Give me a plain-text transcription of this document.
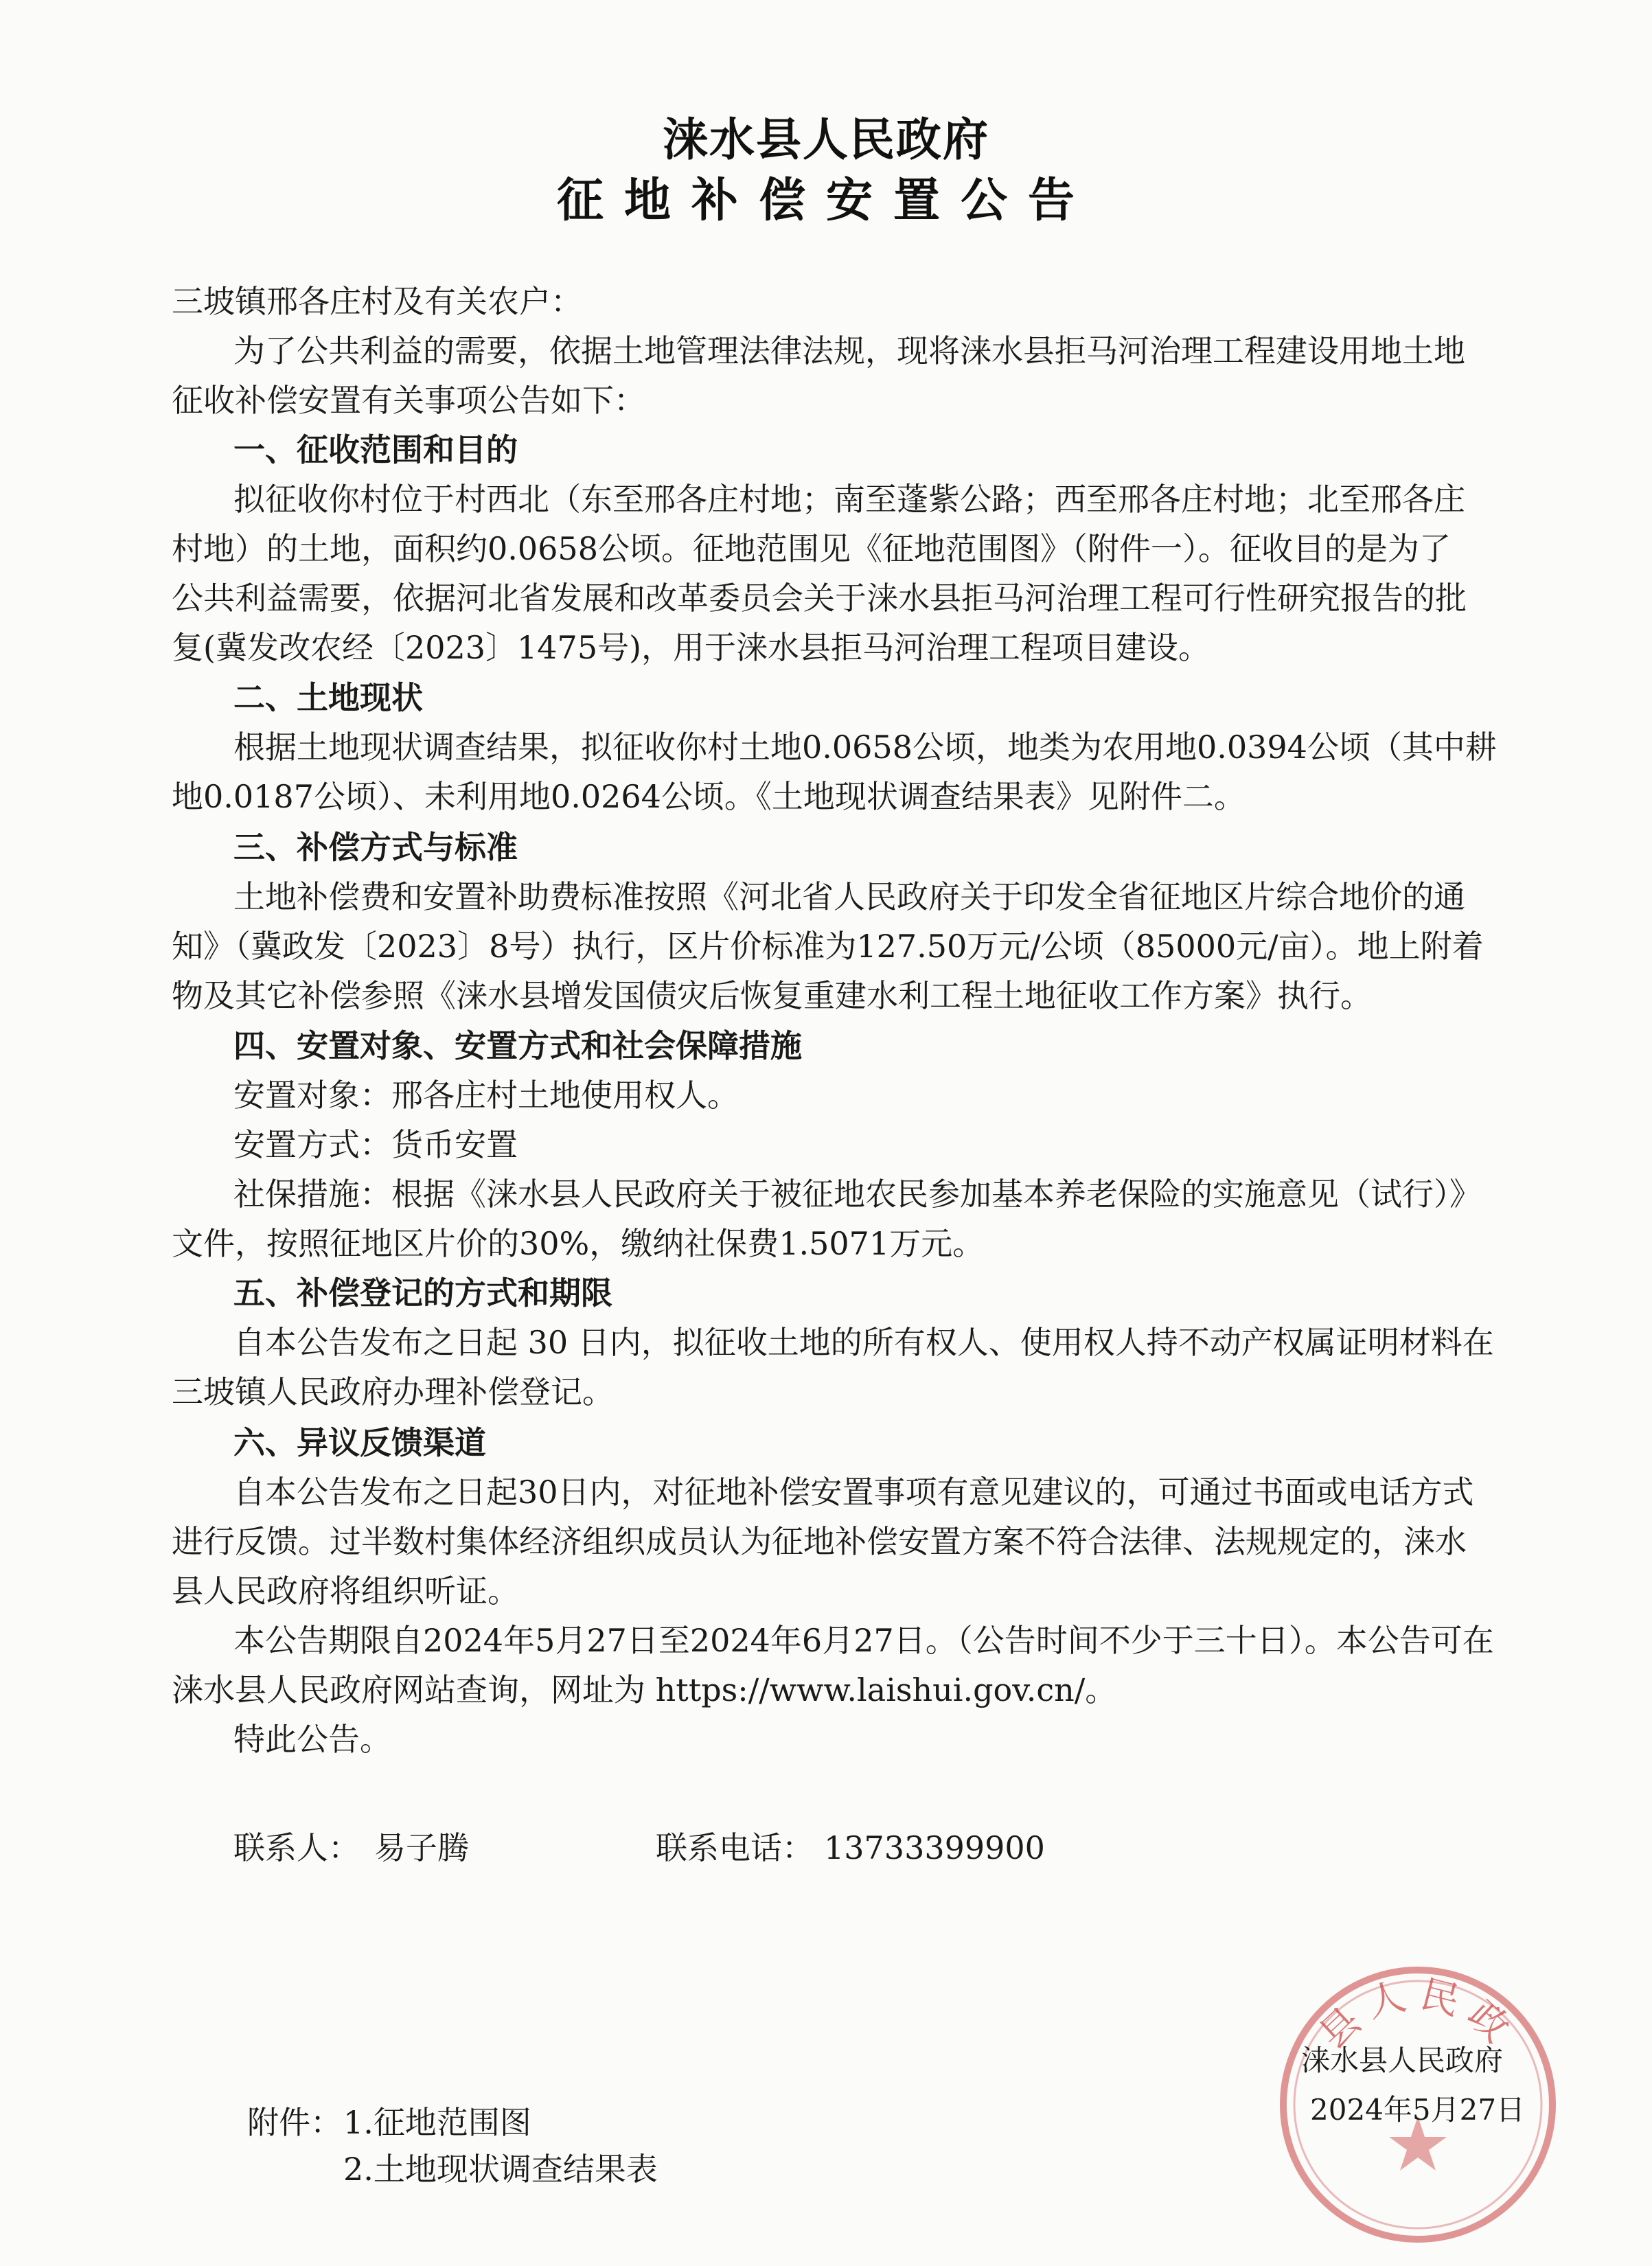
涞水县人民政府
征地补偿安置公告
三坡镇邢各庄村及有关农户：
为了公共利益的需要，依据土地管理法律法规，现将涞水县拒马河治理工程建设用地土地
征收补偿安置有关事项公告如下：
一、征收范围和目的
拟征收你村位于村西北（东至邢各庄村地；南至蓬紫公路；西至邢各庄村地；北至邢各庄
村地）的土地，面积约0.0658公顷。征地范围见《征地范围图》（附件一）。征收目的是为了
公共利益需要，依据河北省发展和改革委员会关于涞水县拒马河治理工程可行性研究报告的批
复(冀发改农经〔2023〕1475号)，用于涞水县拒马河治理工程项目建设。
二、土地现状
根据土地现状调查结果，拟征收你村土地0.0658公顷，地类为农用地0.0394公顷（其中耕
地0.0187公顷）、未利用地0.0264公顷。《土地现状调查结果表》见附件二。
三、补偿方式与标准
土地补偿费和安置补助费标准按照《河北省人民政府关于印发全省征地区片综合地价的通
知》（冀政发〔2023〕8号）执行，区片价标准为127.50万元/公顷（85000元/亩）。地上附着
物及其它补偿参照《涞水县增发国债灾后恢复重建水利工程土地征收工作方案》执行。
四、安置对象、安置方式和社会保障措施
安置对象：邢各庄村土地使用权人。
安置方式：货币安置
社保措施：根据《涞水县人民政府关于被征地农民参加基本养老保险的实施意见（试行）》
文件，按照征地区片价的30%，缴纳社保费1.5071万元。
五、补偿登记的方式和期限
自本公告发布之日起 30 日内，拟征收土地的所有权人、使用权人持不动产权属证明材料在
三坡镇人民政府办理补偿登记。
六、异议反馈渠道
自本公告发布之日起30日内，对征地补偿安置事项有意见建议的，可通过书面或电话方式
进行反馈。过半数村集体经济组织成员认为征地补偿安置方案不符合法律、法规规定的，涞水
县人民政府将组织听证。
本公告期限自2024年5月27日至2024年6月27日。（公告时间不少于三十日）。本公告可在
涞水县人民政府网站查询，网址为 https://www.laishui.gov.cn/。
特此公告。
联系人： 易子腾	联系电话： 13733399900
县人民政
涞水县人民政府
2024年5月27日
附件： 1.征地范围图
2.土地现状调查结果表
